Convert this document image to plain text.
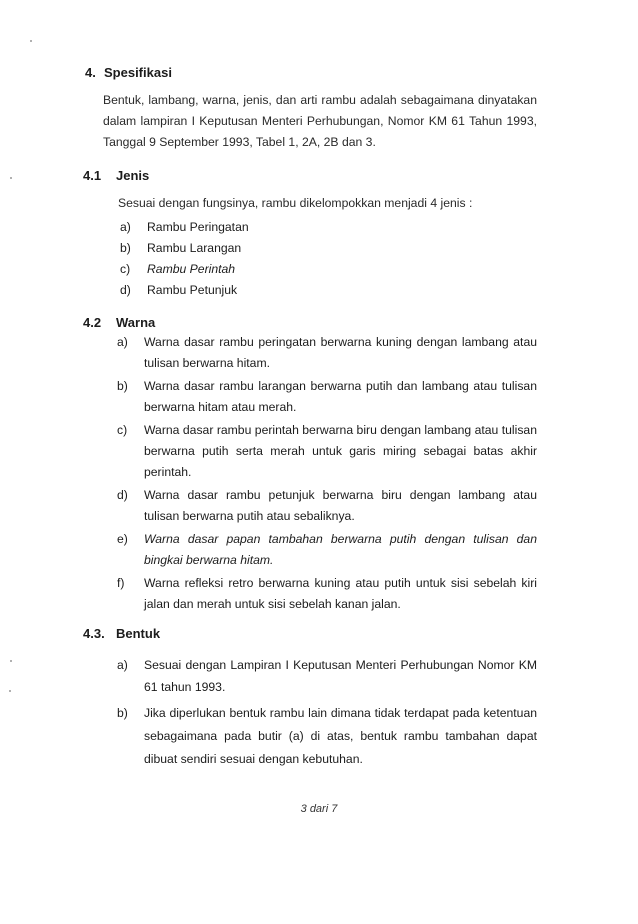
4. Spesifikasi

Bentuk, lambang, warna, jenis, dan arti rambu adalah sebagaimana dinyatakan dalam lampiran I Keputusan Menteri Perhubungan, Nomor KM 61 Tahun 1993, Tanggal 9 September 1993, Tabel 1, 2A, 2B dan 3.

4.1 Jenis

Sesuai dengan fungsinya, rambu dikelompokkan menjadi 4 jenis :

a)	Rambu Peringatan
b)	Rambu Larangan
c)	Rambu Perintah
d)	Rambu Petunjuk
4.2 Warna
a)	Warna dasar rambu peringatan berwarna kuning dengan lambang atau tulisan berwarna hitam.
b)	Warna dasar rambu larangan berwarna putih dan lambang atau tulisan berwarna hitam atau merah.
c)	Warna dasar rambu perintah berwarna biru dengan lambang atau tulisan berwarna putih serta merah untuk garis miring sebagai batas akhir perintah.
d)	Warna dasar rambu petunjuk berwarna biru dengan lambang atau tulisan berwarna putih atau sebaliknya.
e)	Warna dasar papan tambahan berwarna putih dengan tulisan dan bingkai berwarna hitam.
f)	Warna refleksi retro berwarna kuning atau putih untuk sisi sebelah kiri jalan dan merah untuk sisi sebelah kanan jalan.
4.3. Bentuk
a)	Sesuai dengan Lampiran I Keputusan Menteri Perhubungan Nomor KM 61 tahun 1993.
b)	Jika diperlukan bentuk rambu lain dimana tidak terdapat pada ketentuan sebagaimana pada butir (a) di atas, bentuk rambu tambahan dapat dibuat sendiri sesuai dengan kebutuhan.
3 dari 7
